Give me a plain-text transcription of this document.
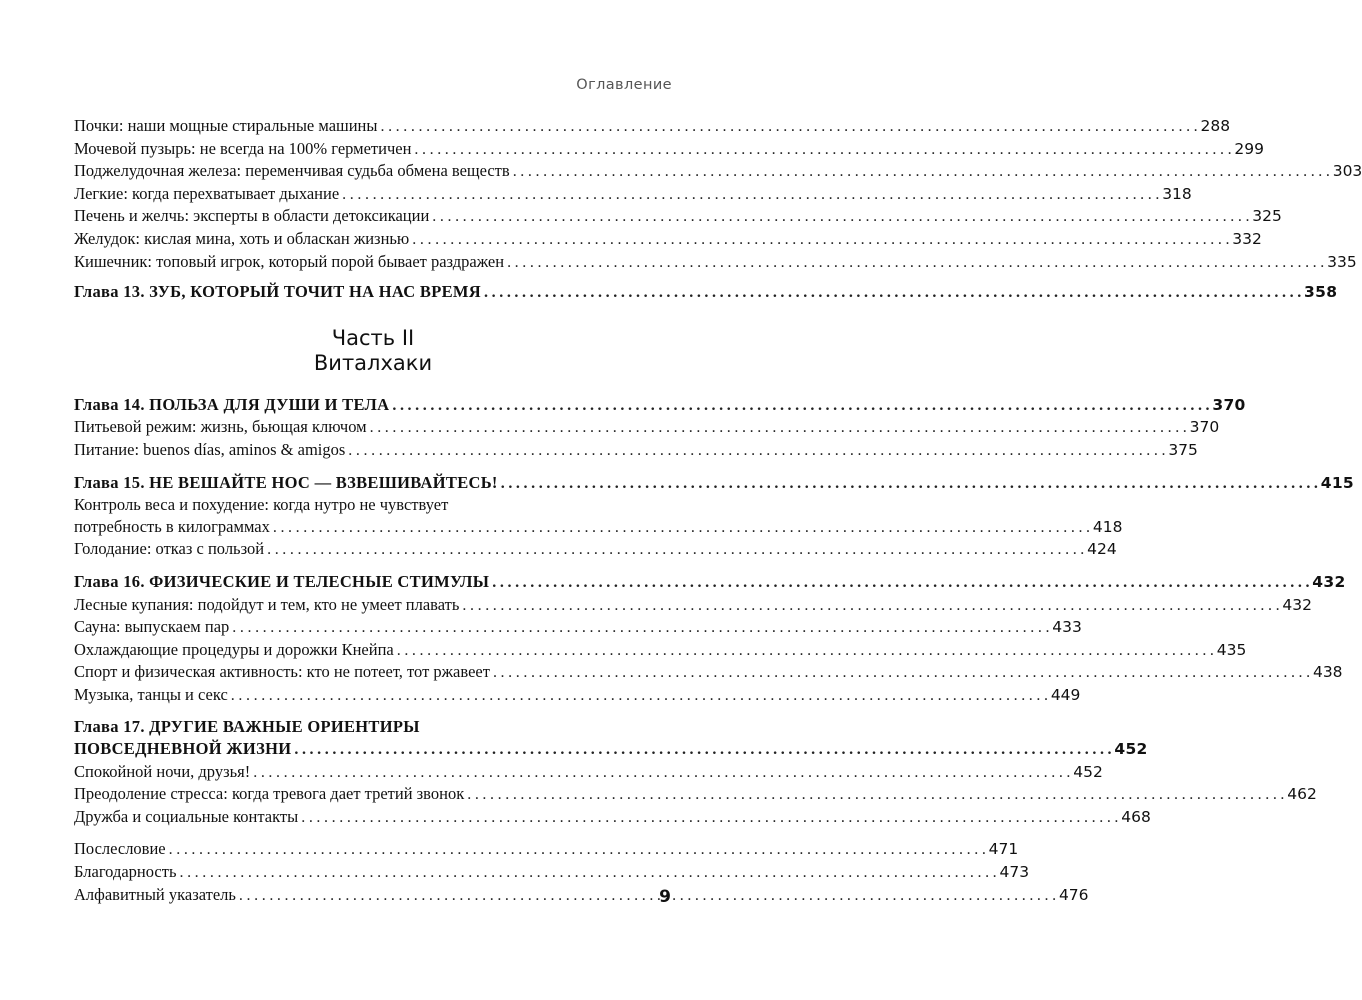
Оглавление
Почки: наши мощные стиральные машины . . .	288
Мочевой пузырь: не всегда на 100% герметичен . . .	299
Поджелудочная железа: переменчивая судьба обмена веществ . . .	303
Легкие: когда перехватывает дыхание . . .	318
Печень и желчь: эксперты в области детоксикации . . .	325
Желудок: кислая мина, хоть и обласкан жизнью . . .	332
Кишечник: топовый игрок, который порой бывает раздражен . . .	335
Глава 13. ЗУБ, КОТОРЫЙ ТОЧИТ НА НАС ВРЕМЯ . . .	358
Часть II
Виталхаки
Глава 14. ПОЛЬЗА ДЛЯ ДУШИ И ТЕЛА . . .	370
Питьевой режим: жизнь, бьющая ключом . . .	370
Питание: buenos días, aminos & amigos . . .	375
Глава 15. НЕ ВЕШАЙТЕ НОС — ВЗВЕШИВАЙТЕСЬ! . . .	415
Контроль веса и похудение: когда нутро не чувствует
потребность в килограммах . . .	418
Голодание: отказ с пользой . . .	424
Глава 16. ФИЗИЧЕСКИЕ И ТЕЛЕСНЫЕ СТИМУЛЫ . . .	432
Лесные купания: подойдут и тем, кто не умеет плавать . . .	432
Сауна: выпускаем пар . . .	433
Охлаждающие процедуры и дорожки Кнейпа . . .	435
Спорт и физическая активность: кто не потеет, тот ржавеет . . .	438
Музыка, танцы и секс . . .	449
Глава 17. ДРУГИЕ ВАЖНЫЕ ОРИЕНТИРЫ
ПОВСЕДНЕВНОЙ ЖИЗНИ . . .	452
Спокойной ночи, друзья! . . .	452
Преодоление стресса: когда тревога дает третий звонок . . .	462
Дружба и социальные контакты . . .	468
Послесловие . . .	471
Благодарность . . .	473
Алфавитный указатель . . .	476
9
